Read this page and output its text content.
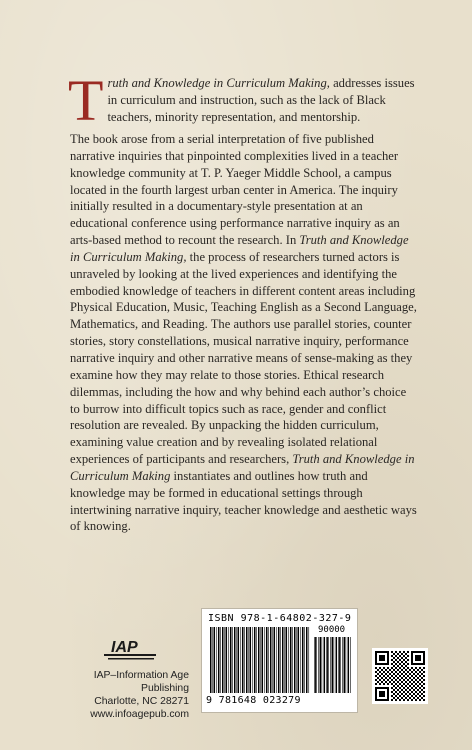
Truth and Knowledge in Curriculum Making, addresses issues in curriculum and instruction, such as the lack of Black teachers, minority representation, and mentorship.
The book arose from a serial interpretation of five published narrative inquiries that pinpointed complexities lived in a teacher knowledge community at T. P. Yaeger Middle School, a campus located in the fourth largest urban center in America. The inquiry initially resulted in a documentary-style presentation at an educational conference using performance narrative inquiry as an arts-based method to recount the research. In Truth and Knowledge in Curriculum Making, the process of researchers turned actors is unraveled by looking at the lived experiences and identifying the embodied knowledge of teachers in different content areas including Physical Education, Music, Teaching English as a Second Language, Mathematics, and Reading. The authors use parallel stories, counter stories, story constellations, musical narrative inquiry, performance narrative inquiry and other narrative means of sense-making as they examine how they may relate to those stories. Ethical research dilemmas, including the how and why behind each author’s choice to burrow into difficult topics such as race, gender and conflict resolution are revealed. By unpacking the hidden curriculum, examining value creation and by revealing isolated relational experiences of participants and researchers, Truth and Knowledge in Curriculum Making instantiates and outlines how truth and knowledge may be formed in educational settings through intertwining narrative inquiry, teacher knowledge and aesthetic ways of knowing.
IAP
IAP–Information Age Publishing
Charlotte, NC 28271
www.infoagepub.com
ISBN 978-1-64802-327-9
90000
9 781648 023279
